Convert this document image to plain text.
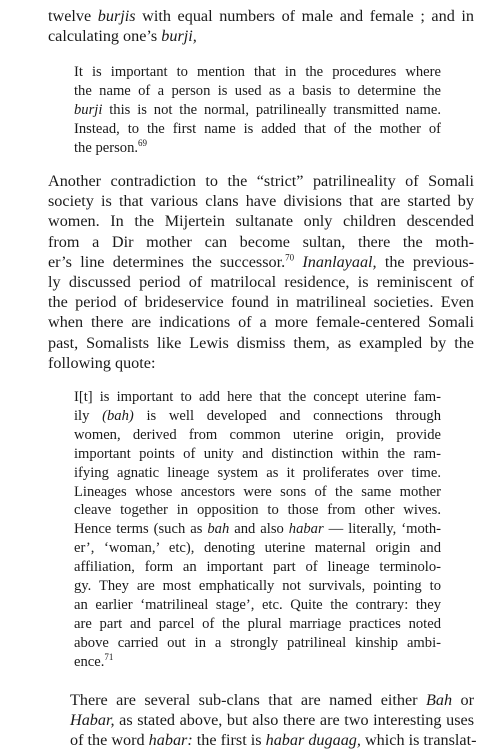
twelve burjis with equal numbers of male and female ; and in
calculating one’s burji,
It is important to mention that in the procedures where
the name of a person is used as a basis to determine the
burji this is not the normal, patrilineally transmitted name.
Instead, to the first name is added that of the mother of
the person.$^{69}$
Another contradiction to the “strict” patrilineality of Somali
society is that various clans have divisions that are started by
women. In the Mijertein sultanate only children descended
from a Dir mother can become sultan, there the moth-
er’s line determines the successor.$^{70}$ Inanlayaal, the previous-
ly discussed period of matrilocal residence, is reminiscent of
the period of brideservice found in matrilineal societies. Even
when there are indications of a more female-centered Somali
past, Somalists like Lewis dismiss them, as exampled by the
following quote:
I[t] is important to add here that the concept uterine fam-
ily (bah) is well developed and connections through
women, derived from common uterine origin, provide
important points of unity and distinction within the ram-
ifying agnatic lineage system as it proliferates over time.
Lineages whose ancestors were sons of the same mother
cleave together in opposition to those from other wives.
Hence terms (such as bah and also habar — literally, ‘moth-
er’, ‘woman,’ etc), denoting uterine maternal origin and
affiliation, form an important part of lineage terminolo-
gy. They are most emphatically not survivals, pointing to
an earlier ‘matrilineal stage’, etc. Quite the contrary: they
are part and parcel of the plural marriage practices noted
above carried out in a strongly patrilineal kinship ambi-
ence.$^{71}$
There are several sub-clans that are named either Bah or
Habar, as stated above, but also there are two interesting uses
of the word habar: the first is habar dugaag, which is translat-
